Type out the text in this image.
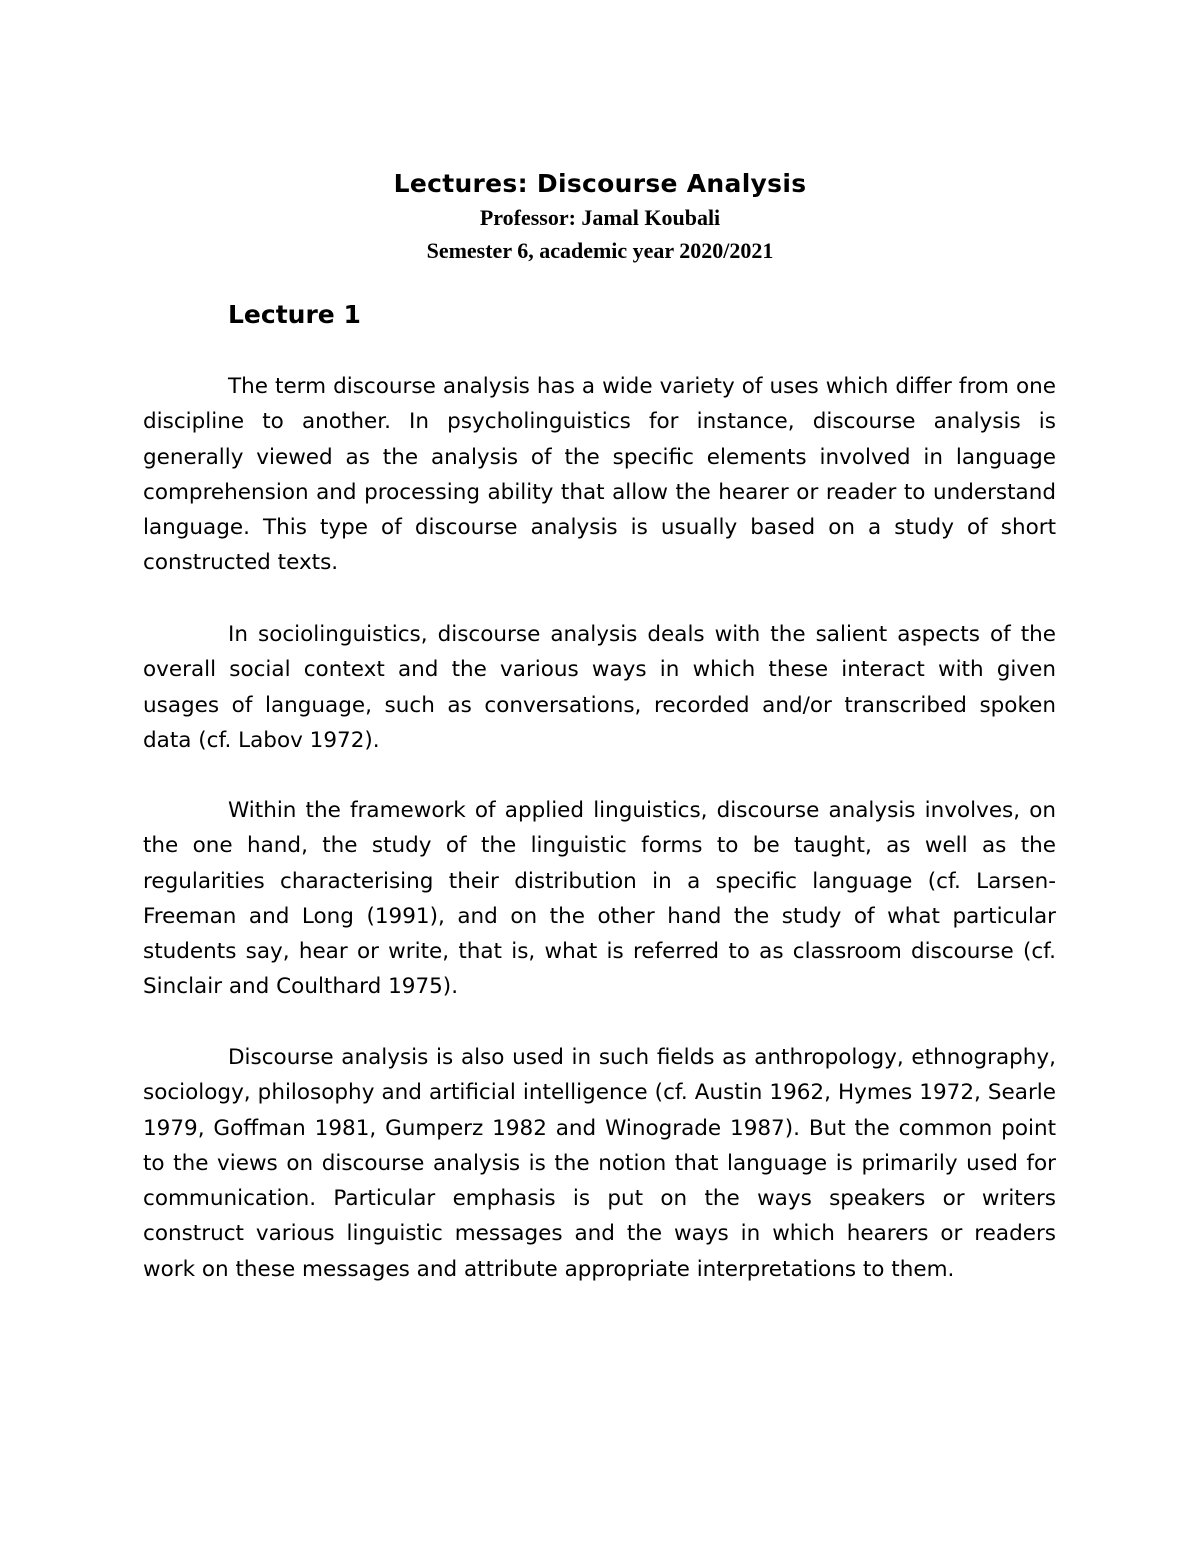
Lectures: Discourse Analysis
Professor: Jamal Koubali
Semester 6, academic year 2020/2021
Lecture 1

The term discourse analysis has a wide variety of uses which differ from one discipline to another. In psycholinguistics for instance, discourse analysis is generally viewed as the analysis of the specific elements involved in language comprehension and processing ability that allow the hearer or reader to understand language. This type of discourse analysis is usually based on a study of short constructed texts.

In sociolinguistics, discourse analysis deals with the salient aspects of the overall social context and the various ways in which these interact with given usages of language, such as conversations, recorded and/or transcribed spoken data (cf. Labov 1972).

Within the framework of applied linguistics, discourse analysis involves, on the one hand, the study of the linguistic forms to be taught, as well as the regularities characterising their distribution in a specific language (cf. Larsen-Freeman and Long (1991), and on the other hand the study of what particular students say, hear or write, that is, what is referred to as classroom discourse (cf. Sinclair and Coulthard 1975).

Discourse analysis is also used in such fields as anthropology, ethnography, sociology, philosophy and artificial intelligence (cf. Austin 1962, Hymes 1972, Searle 1979, Goffman 1981, Gumperz 1982 and Winograde 1987). But the common point to the views on discourse analysis is the notion that language is primarily used for communication. Particular emphasis is put on the ways speakers or writers construct various linguistic messages and the ways in which hearers or readers work on these messages and attribute appropriate interpretations to them.
